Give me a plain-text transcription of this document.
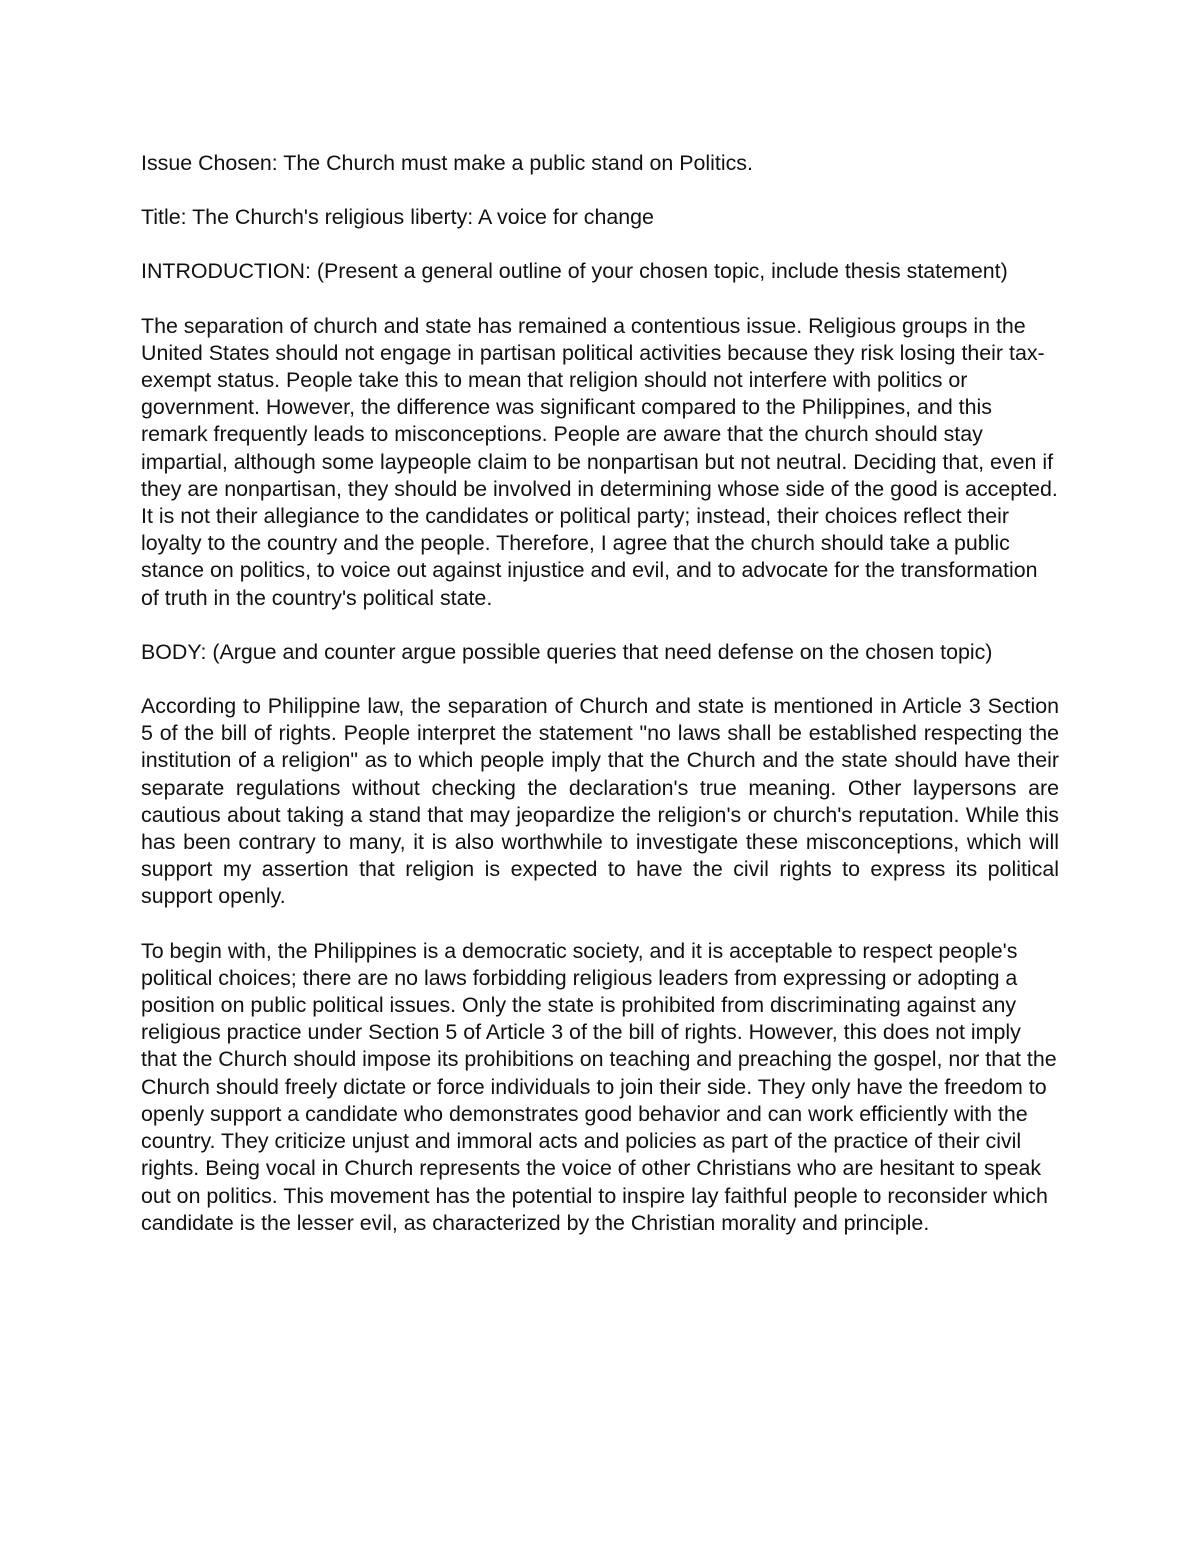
Issue Chosen: The Church must make a public stand on Politics.

Title: The Church's religious liberty: A voice for change

INTRODUCTION: (Present a general outline of your chosen topic, include thesis statement)

The separation of church and state has remained a contentious issue. Religious groups in the United States should not engage in partisan political activities because they risk losing their tax-exempt status. People take this to mean that religion should not interfere with politics or government. However, the difference was significant compared to the Philippines, and this remark frequently leads to misconceptions. People are aware that the church should stay impartial, although some laypeople claim to be nonpartisan but not neutral. Deciding that, even if they are nonpartisan, they should be involved in determining whose side of the good is accepted. It is not their allegiance to the candidates or political party; instead, their choices reflect their loyalty to the country and the people. Therefore, I agree that the church should take a public stance on politics, to voice out against injustice and evil, and to advocate for the transformation of truth in the country's political state.

BODY: (Argue and counter argue possible queries that need defense on the chosen topic)

According to Philippine law, the separation of Church and state is mentioned in Article 3 Section 5 of the bill of rights. People interpret the statement "no laws shall be established respecting the institution of a religion" as to which people imply that the Church and the state should have their separate regulations without checking the declaration's true meaning. Other laypersons are cautious about taking a stand that may jeopardize the religion's or church's reputation. While this has been contrary to many, it is also worthwhile to investigate these misconceptions, which will support my assertion that religion is expected to have the civil rights to express its political support openly.

To begin with, the Philippines is a democratic society, and it is acceptable to respect people's political choices; there are no laws forbidding religious leaders from expressing or adopting a position on public political issues. Only the state is prohibited from discriminating against any religious practice under Section 5 of Article 3 of the bill of rights. However, this does not imply that the Church should impose its prohibitions on teaching and preaching the gospel, nor that the Church should freely dictate or force individuals to join their side. They only have the freedom to openly support a candidate who demonstrates good behavior and can work efficiently with the country. They criticize unjust and immoral acts and policies as part of the practice of their civil rights. Being vocal in Church represents the voice of other Christians who are hesitant to speak out on politics. This movement has the potential to inspire lay faithful people to reconsider which candidate is the lesser evil, as characterized by the Christian morality and principle.
